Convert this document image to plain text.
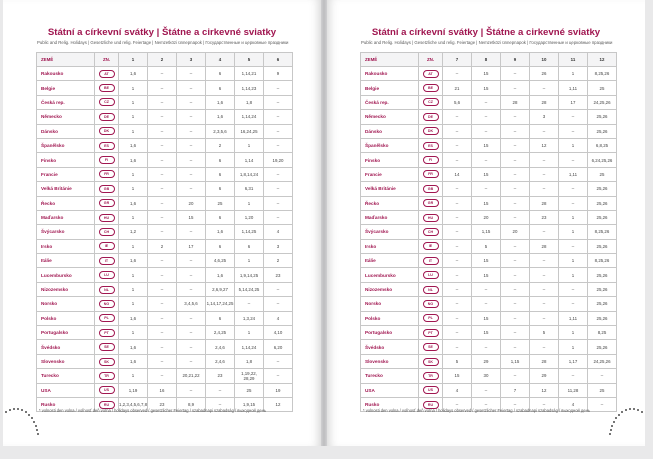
Státní a církevní svátky | Štátne a cirkevné sviatky
Public and Relig. Holidays | Gesetzliche und relig. Feiertage | Nemzetközi ünnepnapok | Государственные и церковные праздники
ZEMĚ	ZN.	1	2	3	4	5	6
Rakousko	AT	1,6	–	–	6	1,14,21	9
Belgie	BE	1	–	–	6	1,14,23	–
Česká rep.	CZ	1	–	–	1,6	1,8	–
Německo	DE	1	–	–	1,6	1,14,24	–
Dánsko	DK	1	–	–	2,3,5,6	16,24,25	–
Španělsko	ES	1,6	–	–	2	1	–
Finsko	FI	1,6	–	–	6	1,14	19,20
Francie	FR	1	–	–	6	1,8,14,24	–
Velká Británie	GB	1	–	–	6	6,31	–
Řecko	GR	1,6	–	20	25	1	–
Maďarsko	HU	1	–	15	6	1,20	–
Švýcarsko	CH	1,2	–	–	1,6	1,14,25	4
Irsko	IE	1	2	17	6	6	3
Itálie	IT	1,6	–	–	4,6,25	1	2
Lucembursko	LU	1	–	–	1,6	1,9,14,25	23
Nizozemsko	NL	1	–	–	2,6,9,27	5,14,24,25	–
Norsko	NO	1	–	3,4,5,6	1,14,17,24,25	–	–
Polsko	PL	1,6	–	–	6	1,3,24	4
Portugalsko	PT	1	–	–	2,4,25	1	4,10
Švédsko	SE	1,6	–	–	2,4,6	1,14,24	6,20
Slovensko	SK	1,6	–	–	2,4,6	1,8	–
Turecko	TR	1	–	20,21,22	23	1,19,22, 28,29	–
USA	US	1,19	16	–	–	25	19
Rusko	RU	1,2,3,4,5,6,7,8	23	8,9	–	1,9,15	12
* volnosti den volna / voľnosť deň voľna / holidays observed / gesetzlicher Feiertag / szabadnapi szabadság / выходной день
Státní a církevní svátky | Štátne a cirkevné sviatky
Public and Relig. Holidays | Gesetzliche und relig. Feiertage | Nemzetközi ünnepnapok | Государственные и церковные праздники
ZEMĚ	ZN.	7	8	9	10	11	12
Rakousko	AT	–	15	–	26	1	8,25,26
Belgie	BE	21	15	–	–	1,11	25
Česká rep.	CZ	5,6	–	28	28	17	24,25,26
Německo	DE	–	–	–	3	–	25,26
Dánsko	DK	–	–	–	–	–	25,26
Španělsko	ES	–	15	–	12	1	6,8,25
Finsko	FI	–	–	–	–	–	6,24,25,26
Francie	FR	14	15	–	–	1,11	25
Velká Británie	GB	–	–	–	–	–	25,26
Řecko	GR	–	15	–	28	–	25,26
Maďarsko	HU	–	20	–	23	1	25,26
Švýcarsko	CH	–	1,15	20	–	1	8,25,26
Irsko	IE	–	5	–	28	–	25,26
Itálie	IT	–	15	–	–	1	8,25,26
Lucembursko	LU	–	15	–	–	1	25,26
Nizozemsko	NL	–	–	–	–	–	25,26
Norsko	NO	–	–	–	–	–	25,26
Polsko	PL	–	15	–	–	1,11	25,26
Portugalsko	PT	–	15	–	5	1	8,25
Švédsko	SE	–	–	–	–	1	25,26
Slovensko	SK	5	29	1,15	28	1,17	24,25,26
Turecko	TR	15	30	–	29	–	–
USA	US	4	–	7	12	11,28	25
Rusko	RU	–	–	–	–	4	–
* volnosti den volna / voľnosť deň voľna / holidays observed / gesetzlicher Feiertag / szabadnapi szabadság / выходной день
